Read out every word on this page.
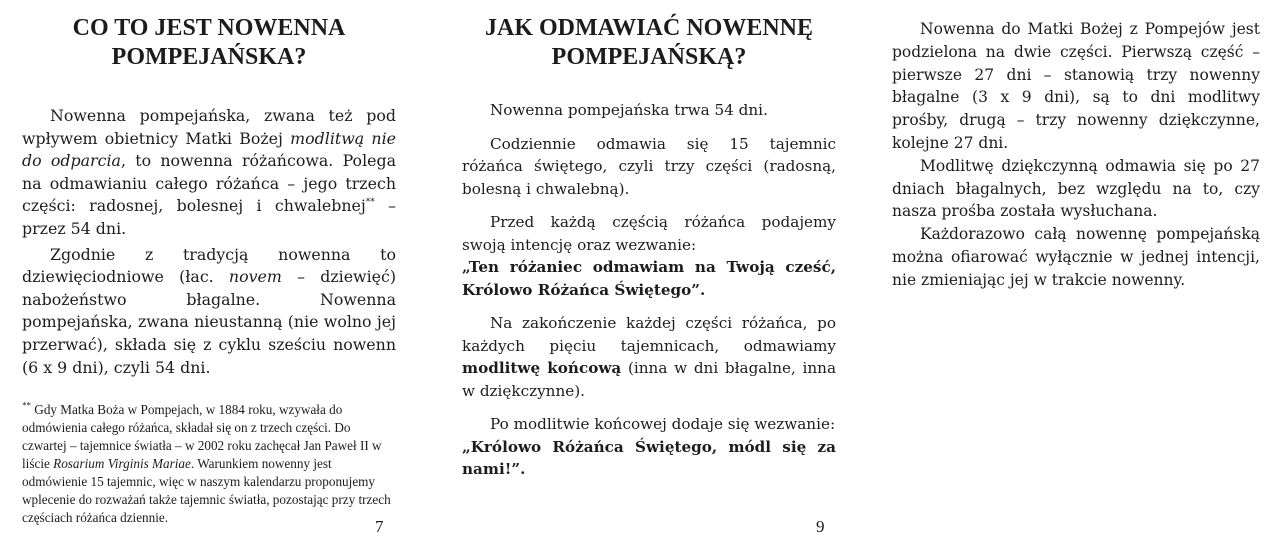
CO TO JEST NOWENNA POMPEJAŃSKA?

Nowenna pompejańska, zwana też pod wpływem obietnicy Matki Bożej modlitwą nie do odparcia, to nowenna różańcowa. Polega na odmawianiu całego różańca – jego trzech części: radosnej, bolesnej i chwalebnej** – przez 54 dni.

Zgodnie z tradycją nowenna to dziewięciodniowe (łac. novem – dziewięć) nabożeństwo błagalne. Nowenna pompejańska, zwana nieustanną (nie wolno jej przerwać), składa się z cyklu sześciu nowenn (6 x 9 dni), czyli 54 dni.

** Gdy Matka Boża w Pompejach, w 1884 roku, wzywała do odmówienia całego różańca, składał się on z trzech części. Do czwartej – tajemnice światła – w 2002 roku zachęcał Jan Paweł II w liście Rosarium Virginis Mariae. Warunkiem nowenny jest odmówienie 15 tajemnic, więc w naszym kalendarzu proponujemy wplecenie do rozważań także tajemnic światła, pozostając przy trzech częściach różańca dziennie.	7
JAK ODMAWIAĆ NOWENNĘ POMPEJAŃSKĄ?

Nowenna pompejańska trwa 54 dni.

Codziennie odmawia się 15 tajemnic różańca świętego, czyli trzy części (radosną, bolesną i chwalebną).

Przed każdą częścią różańca podajemy swoją intencję oraz wezwanie:

„Ten różaniec odmawiam na Twoją cześć, Królowo Różańca Świętego”.

Na zakończenie każdej części różańca, po każdych pięciu tajemnicach, odmawiamy modlitwę końcową (inna w dni błagalne, inna w dziękczynne).

Po modlitwie końcowej dodaje się wezwanie:

„Królowo Różańca Świętego, módl się za nami!”.

9

Nowenna do Matki Bożej z Pompejów jest podzielona na dwie części. Pierwszą część – pierwsze 27 dni – stanowią trzy nowenny błagalne (3 x 9 dni), są to dni modlitwy prośby, drugą – trzy nowenny dziękczynne, kolejne 27 dni.

Modlitwę dziękczynną odmawia się po 27 dniach błagalnych, bez względu na to, czy nasza prośba została wysłuchana.

Każdorazowo całą nowennę pompejańską można ofiarować wyłącznie w jednej intencji, nie zmieniając jej w trakcie nowenny.
